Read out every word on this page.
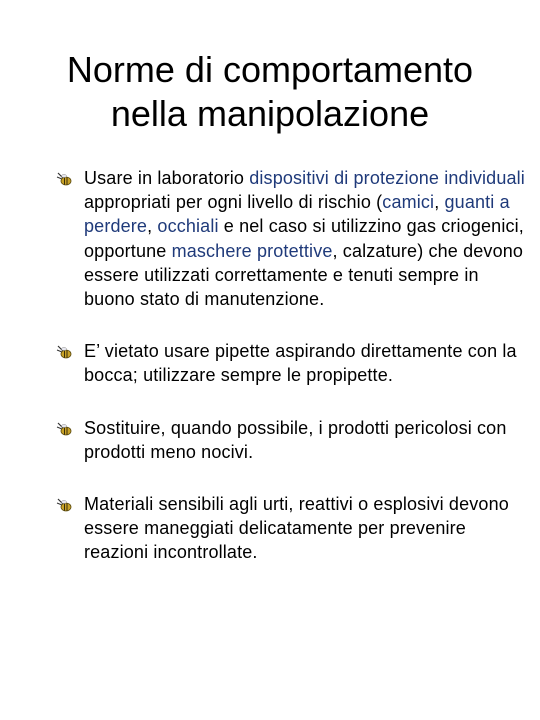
Norme di comportamento
nella manipolazione
Usare in laboratorio dispositivi di protezione individuali appropriati per ogni livello di rischio (camici, guanti a perdere, occhiali e nel caso si utilizzino gas criogenici, opportune maschere protettive, calzature) che devono essere utilizzati correttamente e tenuti sempre in buono stato di manutenzione.
E’ vietato usare pipette aspirando direttamente con la bocca; utilizzare sempre le propipette.
Sostituire, quando possibile, i prodotti pericolosi con prodotti meno nocivi.
Materiali sensibili agli urti, reattivi o esplosivi devono essere maneggiati delicatamente per prevenire reazioni incontrollate.
